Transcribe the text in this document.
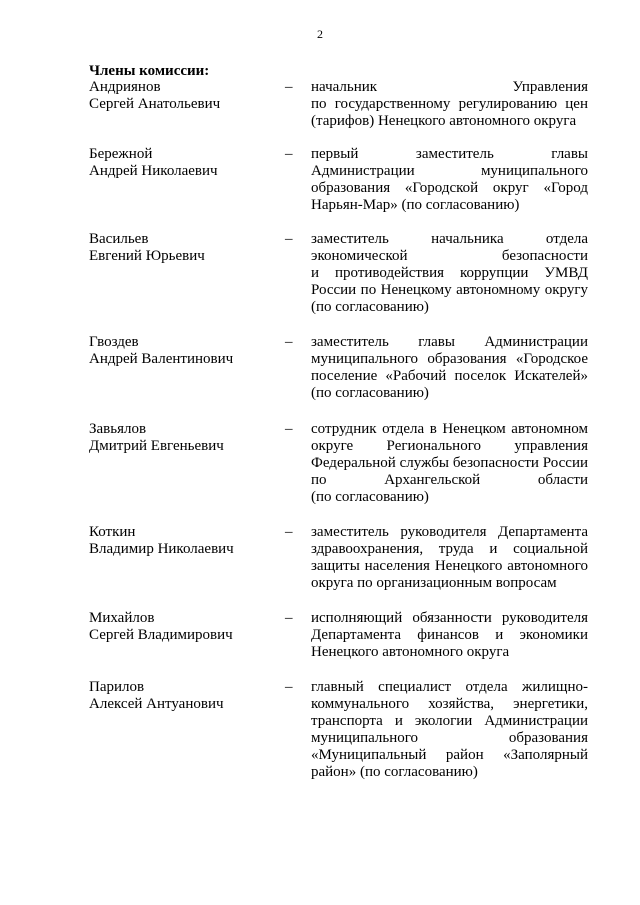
2
Члены комиссии:
Андриянов
Сергей Анатольевич
–	начальник Управления
по государственному регулированию цен
(тарифов) Ненецкого автономного округа
Бережной
Андрей Николаевич
–	первый заместитель главы
Администрации муниципального
образования «Городской округ «Город
Нарьян-Мар» (по согласованию)
Васильев
Евгений Юрьевич
–	заместитель начальника отдела
экономической безопасности
и противодействия коррупции УМВД
России по Ненецкому автономному округу
(по согласованию)
Гвоздев
Андрей Валентинович
–	заместитель главы Администрации
муниципального образования «Городское
поселение «Рабочий поселок Искателей»
(по согласованию)
Завьялов
Дмитрий Евгеньевич
–	сотрудник отдела в Ненецком автономном
округе Регионального управления
Федеральной службы безопасности России
по Архангельской области
(по согласованию)
Коткин
Владимир Николаевич
–	заместитель руководителя Департамента
здравоохранения, труда и социальной
защиты населения Ненецкого автономного
округа по организационным вопросам
Михайлов
Сергей Владимирович
–	исполняющий обязанности руководителя
Департамента финансов и экономики
Ненецкого автономного округа
Парилов
Алексей Антуанович
–	главный специалист отдела жилищно-
коммунального хозяйства, энергетики,
транспорта и экологии Администрации
муниципального образования
«Муниципальный район «Заполярный
район» (по согласованию)
